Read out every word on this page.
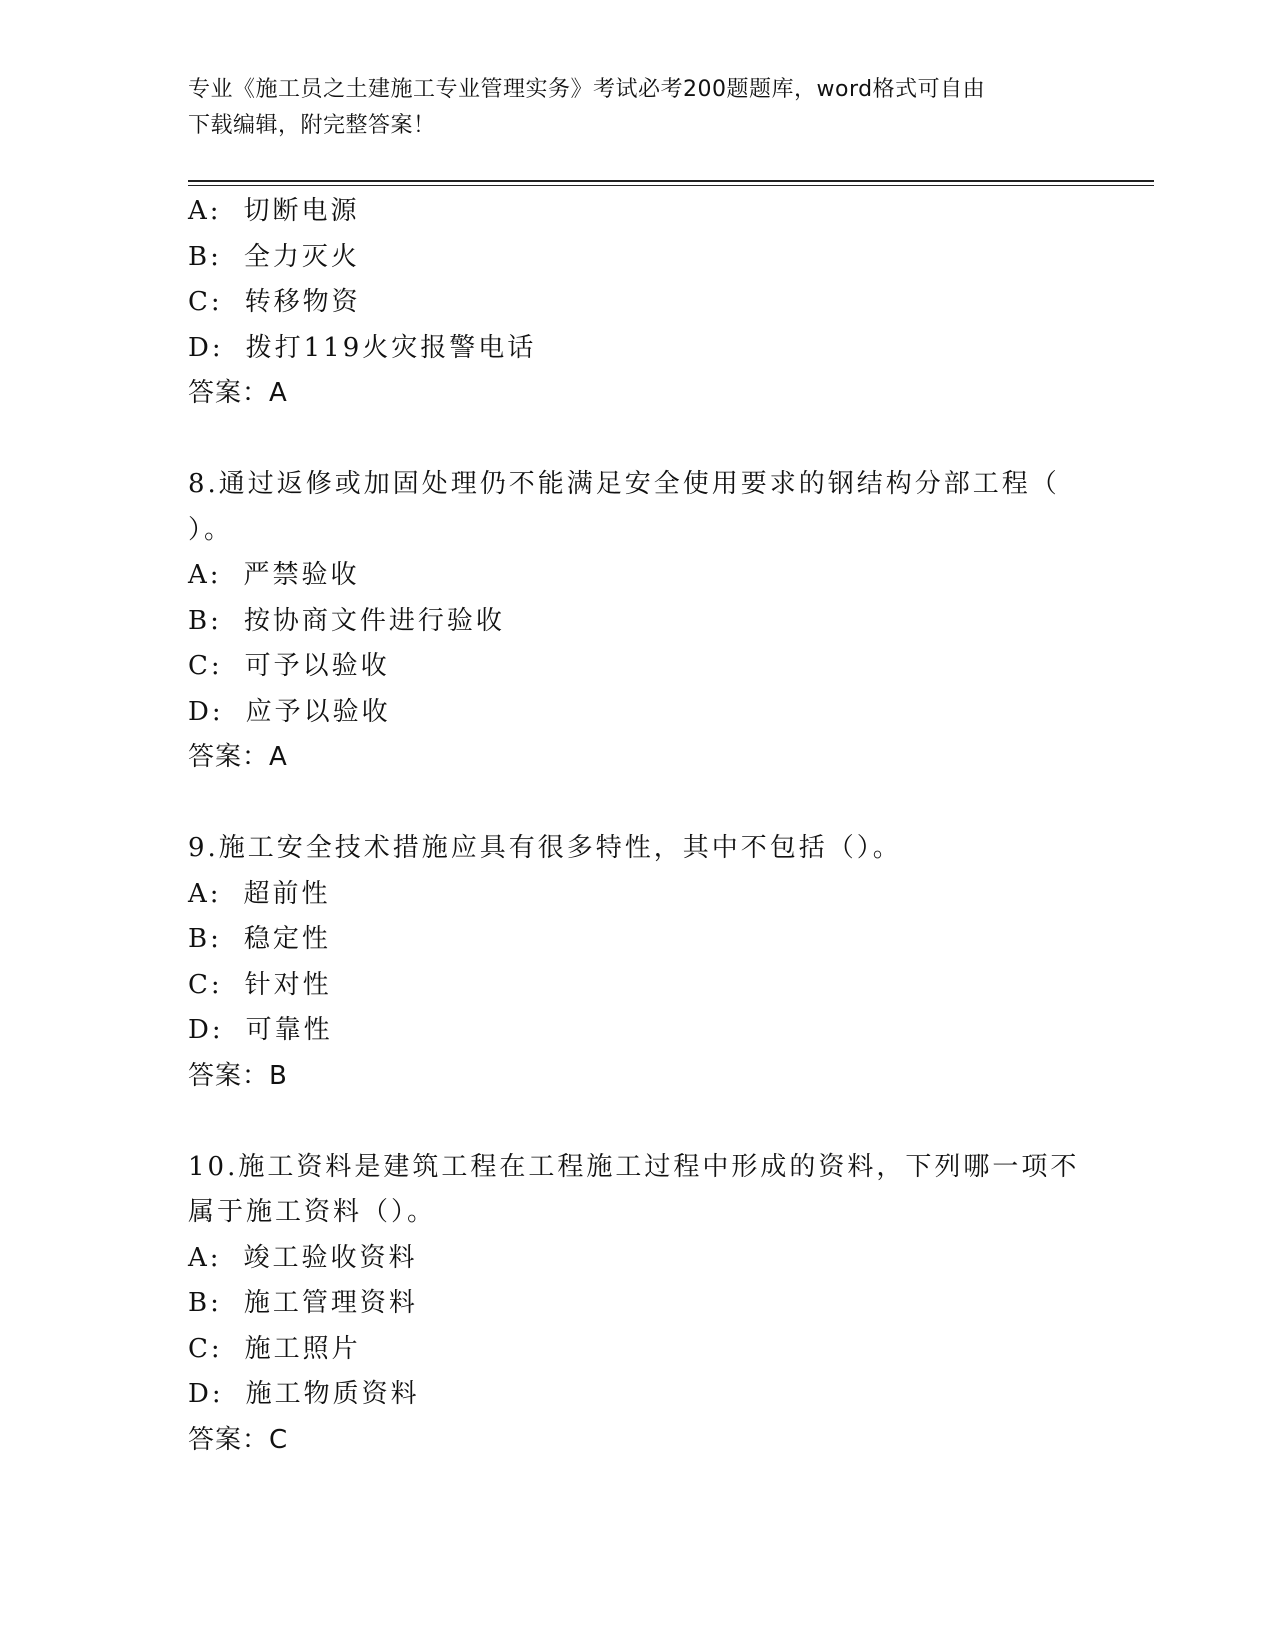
专业《施工员之土建施工专业管理实务》考试必考200题题库，word格式可自由
下载编辑，附完整答案！
A: 切断电源
B: 全力灭火
C: 转移物资
D: 拨打119火灾报警电话
答案：A
8.通过返修或加固处理仍不能满足安全使用要求的钢结构分部工程（
）。
A: 严禁验收
B: 按协商文件进行验收
C: 可予以验收
D: 应予以验收
答案：A
9.施工安全技术措施应具有很多特性，其中不包括（）。
A: 超前性
B: 稳定性
C: 针对性
D: 可靠性
答案：B
10.施工资料是建筑工程在工程施工过程中形成的资料，下列哪一项不
属于施工资料（）。
A: 竣工验收资料
B: 施工管理资料
C: 施工照片
D: 施工物质资料
答案：C
